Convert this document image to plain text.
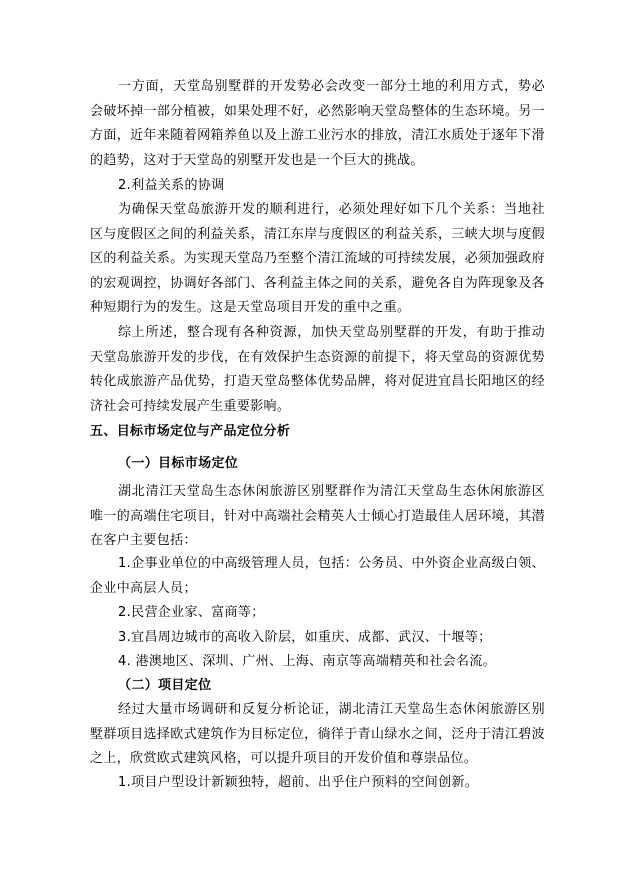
一方面，天堂岛别墅群的开发势必会改变一部分土地的利用方式，势必会破坏掉一部分植被，如果处理不好，必然影响天堂岛整体的生态环境。另一方面，近年来随着网箱养鱼以及上游工业污水的排放，清江水质处于逐年下滑的趋势，这对于天堂岛的别墅开发也是一个巨大的挑战。

2.利益关系的协调

为确保天堂岛旅游开发的顺利进行，必须处理好如下几个关系：当地社区与度假区之间的利益关系，清江东岸与度假区的利益关系，三峡大坝与度假区的利益关系。为实现天堂岛乃至整个清江流域的可持续发展，必须加强政府的宏观调控，协调好各部门、各利益主体之间的关系，避免各自为阵现象及各种短期行为的发生。这是天堂岛项目开发的重中之重。

综上所述，整合现有各种资源，加快天堂岛别墅群的开发，有助于推动天堂岛旅游开发的步伐，在有效保护生态资源的前提下，将天堂岛的资源优势转化成旅游产品优势，打造天堂岛整体优势品牌，将对促进宜昌长阳地区的经济社会可持续发展产生重要影响。

五、目标市场定位与产品定位分析

（一）目标市场定位

湖北清江天堂岛生态休闲旅游区别墅群作为清江天堂岛生态休闲旅游区唯一的高端住宅项目，针对中高端社会精英人士倾心打造最佳人居环境，其潜在客户主要包括：

1.企事业单位的中高级管理人员，包括：公务员、中外资企业高级白领、企业中高层人员；

2.民营企业家、富商等；

3.宜昌周边城市的高收入阶层，如重庆、成都、武汉、十堰等；

4. 港澳地区、深圳、广州、上海、南京等高端精英和社会名流。

（二）项目定位

经过大量市场调研和反复分析论证，湖北清江天堂岛生态休闲旅游区别墅群项目选择欧式建筑作为目标定位，徜徉于青山绿水之间，泛舟于清江碧波之上，欣赏欧式建筑风格，可以提升项目的开发价值和尊崇品位。

1.项目户型设计新颖独特，超前、出乎住户预料的空间创新。
